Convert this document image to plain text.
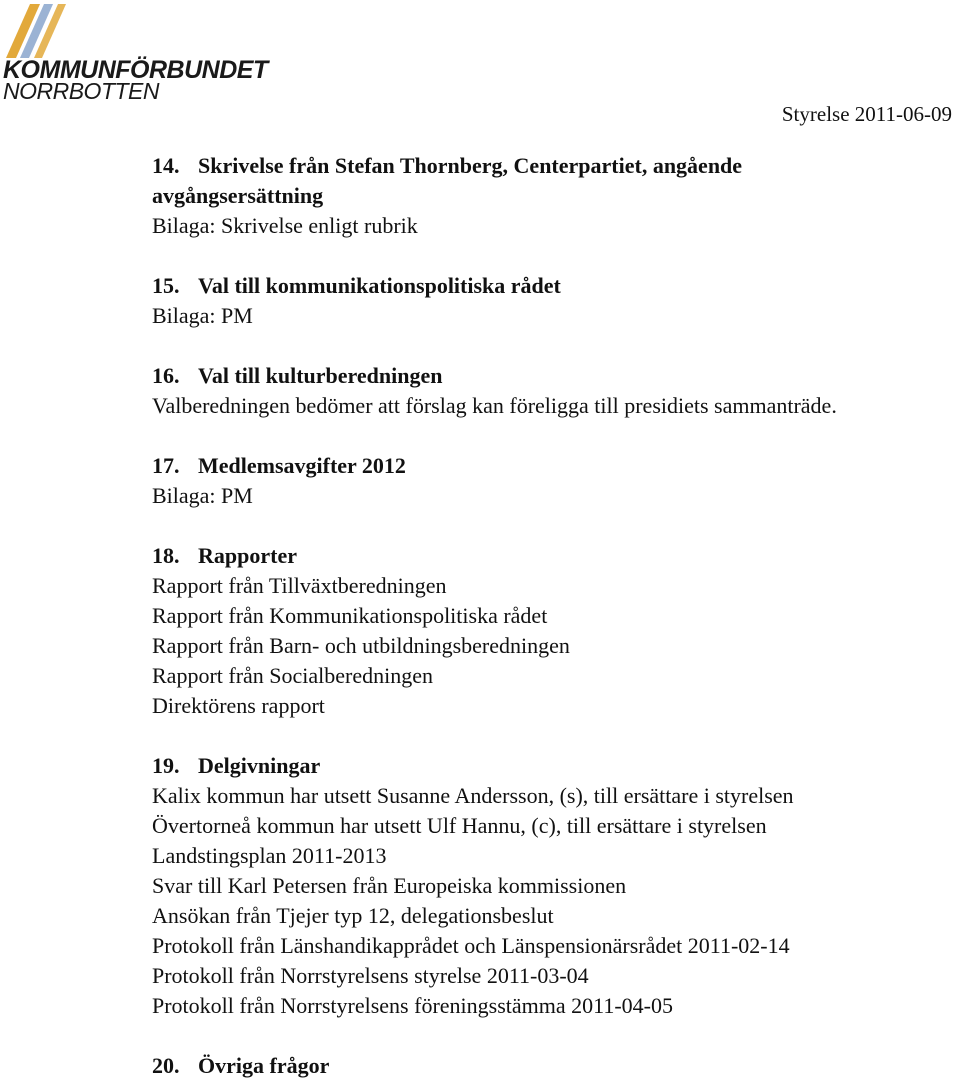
KOMMUNFÖRBUNDET
NORRBOTTEN
Styrelse 2011-06-09
14. Skrivelse från Stefan Thornberg, Centerpartiet, angående
avgångsersättning
Bilaga: Skrivelse enligt rubrik
15. Val till kommunikationspolitiska rådet
Bilaga: PM
16. Val till kulturberedningen
Valberedningen bedömer att förslag kan föreligga till presidiets sammanträde.
17. Medlemsavgifter 2012
Bilaga: PM
18. Rapporter
Rapport från Tillväxtberedningen
Rapport från Kommunikationspolitiska rådet
Rapport från Barn- och utbildningsberedningen
Rapport från Socialberedningen
Direktörens rapport
19. Delgivningar
Kalix kommun har utsett Susanne Andersson, (s), till ersättare i styrelsen
Övertorneå kommun har utsett Ulf Hannu, (c), till ersättare i styrelsen
Landstingsplan 2011-2013
Svar till Karl Petersen från Europeiska kommissionen
Ansökan från Tjejer typ 12, delegationsbeslut
Protokoll från Länshandikapprådet och Länspensionärsrådet 2011-02-14
Protokoll från Norrstyrelsens styrelse 2011-03-04
Protokoll från Norrstyrelsens föreningsstämma 2011-04-05
20. Övriga frågor
